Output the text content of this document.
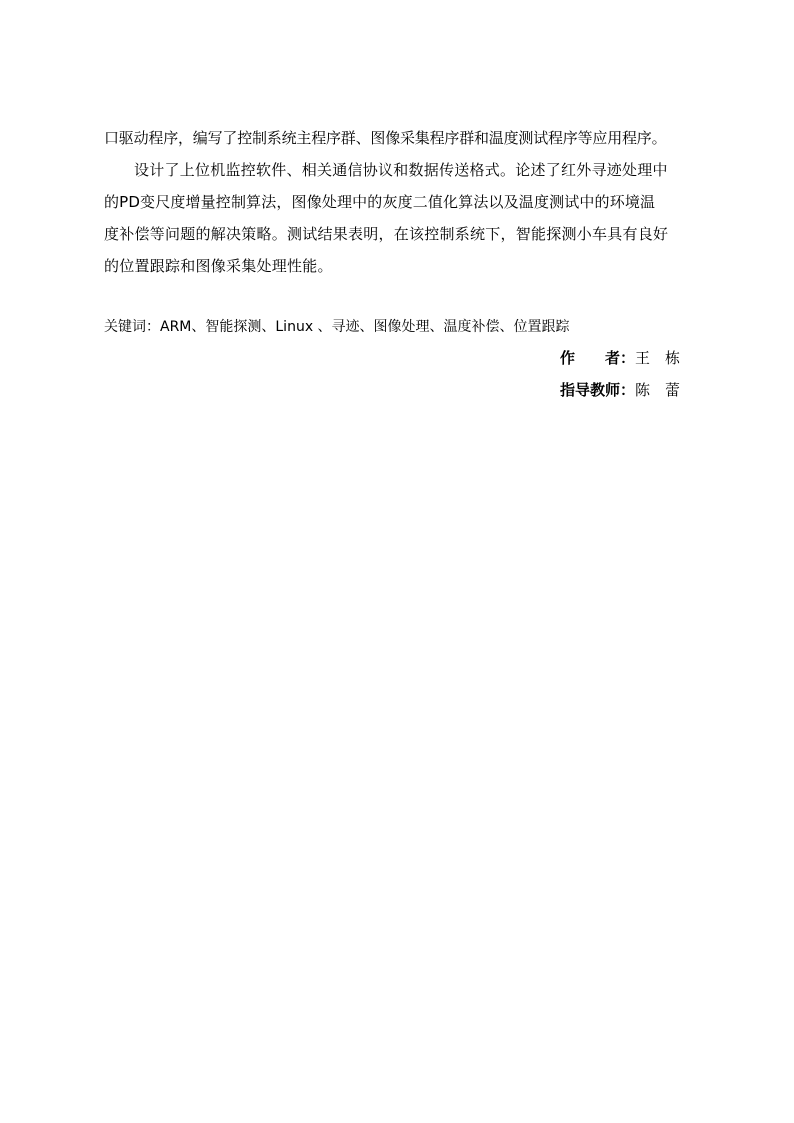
口驱动程序，编写了控制系统主程序群、图像采集程序群和温度测试程序等应用程序。
设计了上位机监控软件、相关通信协议和数据传送格式。论述了红外寻迹处理中
的PD变尺度增量控制算法，图像处理中的灰度二值化算法以及温度测试中的环境温
度补偿等问题的解决策略。测试结果表明，在该控制系统下，智能探测小车具有良好
的位置跟踪和图像采集处理性能。
关键词：ARM、智能探测、Linux 、寻迹、图像处理、温度补偿、位置跟踪
作　　者：王　栋
指导教师：陈　蕾
